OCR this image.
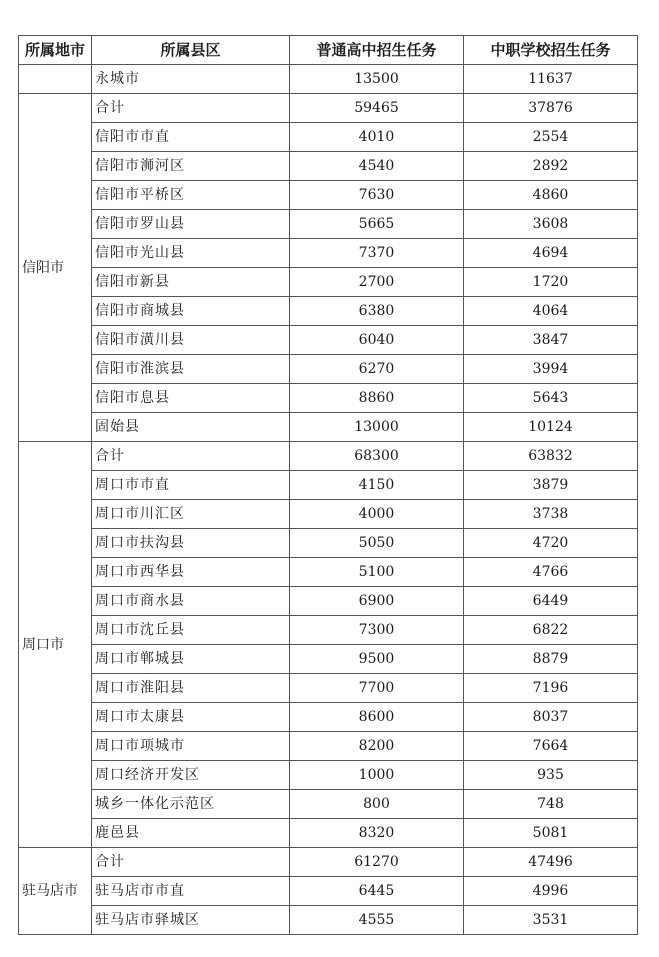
所属地市	所属县区	普通高中招生任务	中职学校招生任务
	永城市	13500	11637
信阳市	合计	59465	37876
	信阳市市直	4010	2554
	信阳市浉河区	4540	2892
	信阳市平桥区	7630	4860
	信阳市罗山县	5665	3608
	信阳市光山县	7370	4694
	信阳市新县	2700	1720
	信阳市商城县	6380	4064
	信阳市潢川县	6040	3847
	信阳市淮滨县	6270	3994
	信阳市息县	8860	5643
	固始县	13000	10124
周口市	合计	68300	63832
	周口市市直	4150	3879
	周口市川汇区	4000	3738
	周口市扶沟县	5050	4720
	周口市西华县	5100	4766
	周口市商水县	6900	6449
	周口市沈丘县	7300	6822
	周口市郸城县	9500	8879
	周口市淮阳县	7700	7196
	周口市太康县	8600	8037
	周口市项城市	8200	7664
	周口经济开发区	1000	935
	城乡一体化示范区	800	748
	鹿邑县	8320	5081
驻马店市	合计	61270	47496
	驻马店市市直	6445	4996
	驻马店市驿城区	4555	3531
